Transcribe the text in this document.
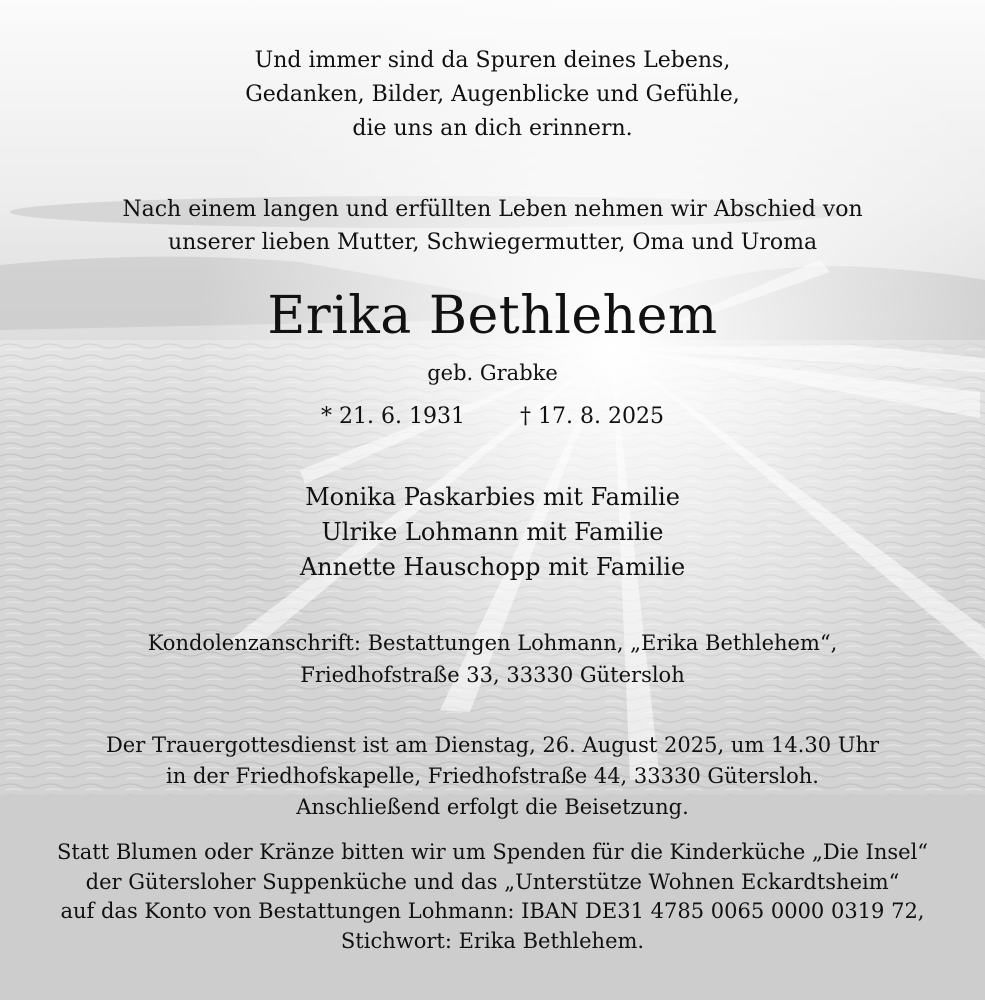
Und immer sind da Spuren deines Lebens,
Gedanken, Bilder, Augenblicke und Gefühle,
die uns an dich erinnern.
Nach einem langen und erfüllten Leben nehmen wir Abschied von
unserer lieben Mutter, Schwiegermutter, Oma und Uroma
Erika Bethlehem
geb. Grabke
* 21. 6. 1931	† 17. 8. 2025
Monika Paskarbies mit Familie
Ulrike Lohmann mit Familie
Annette Hauschopp mit Familie
Kondolenzanschrift: Bestattungen Lohmann, „Erika Bethlehem“,
Friedhofstraße 33, 33330 Gütersloh
Der Trauergottesdienst ist am Dienstag, 26. August 2025, um 14.30 Uhr
in der Friedhofskapelle, Friedhofstraße 44, 33330 Gütersloh.
Anschließend erfolgt die Beisetzung.
Statt Blumen oder Kränze bitten wir um Spenden für die Kinderküche „Die Insel“
der Gütersloher Suppenküche und das „Unterstütze Wohnen Eckardtsheim“
auf das Konto von Bestattungen Lohmann: IBAN DE31 4785 0065 0000 0319 72,
Stichwort: Erika Bethlehem.
